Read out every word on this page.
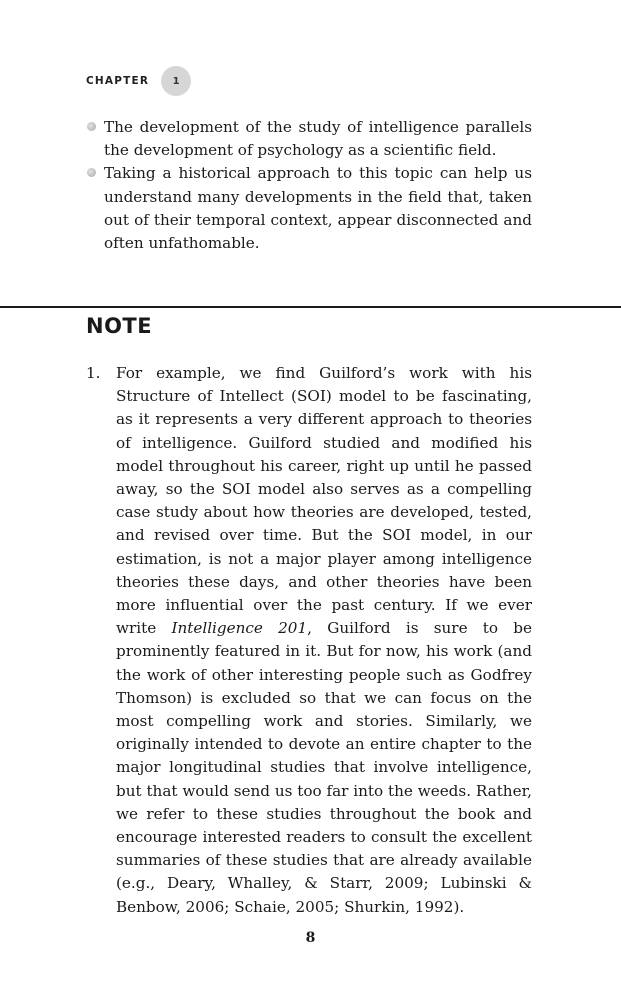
CHAPTER	1
The development of the study of intelligence parallels the development of psychology as a scientific field.
Taking a historical approach to this topic can help us understand many developments in the field that, taken out of their temporal context, appear disconnected and often unfathomable.
NOTE
1. For example, we find Guilford’s work with his Structure of Intellect (SOI) model to be fascinating, as it represents a very different approach to theories of intelligence. Guilford studied and modified his model throughout his career, right up until he passed away, so the SOI model also serves as a compelling case study about how theories are developed, tested, and revised over time. But the SOI model, in our estimation, is not a major player among intelligence theories these days, and other theories have been more influential over the past century. If we ever write Intelligence 201, Guilford is sure to be prominently featured in it. But for now, his work (and the work of other interesting people such as Godfrey Thomson) is excluded so that we can focus on the most compelling work and stories. Similarly, we originally intended to devote an entire chapter to the major longitudinal studies that involve intelligence, but that would send us too far into the weeds. Rather, we refer to these studies throughout the book and encourage interested readers to consult the excellent summaries of these studies that are already available (e.g., Deary, Whalley, & Starr, 2009; Lubinski & Benbow, 2006; Schaie, 2005; Shurkin, 1992).
8
